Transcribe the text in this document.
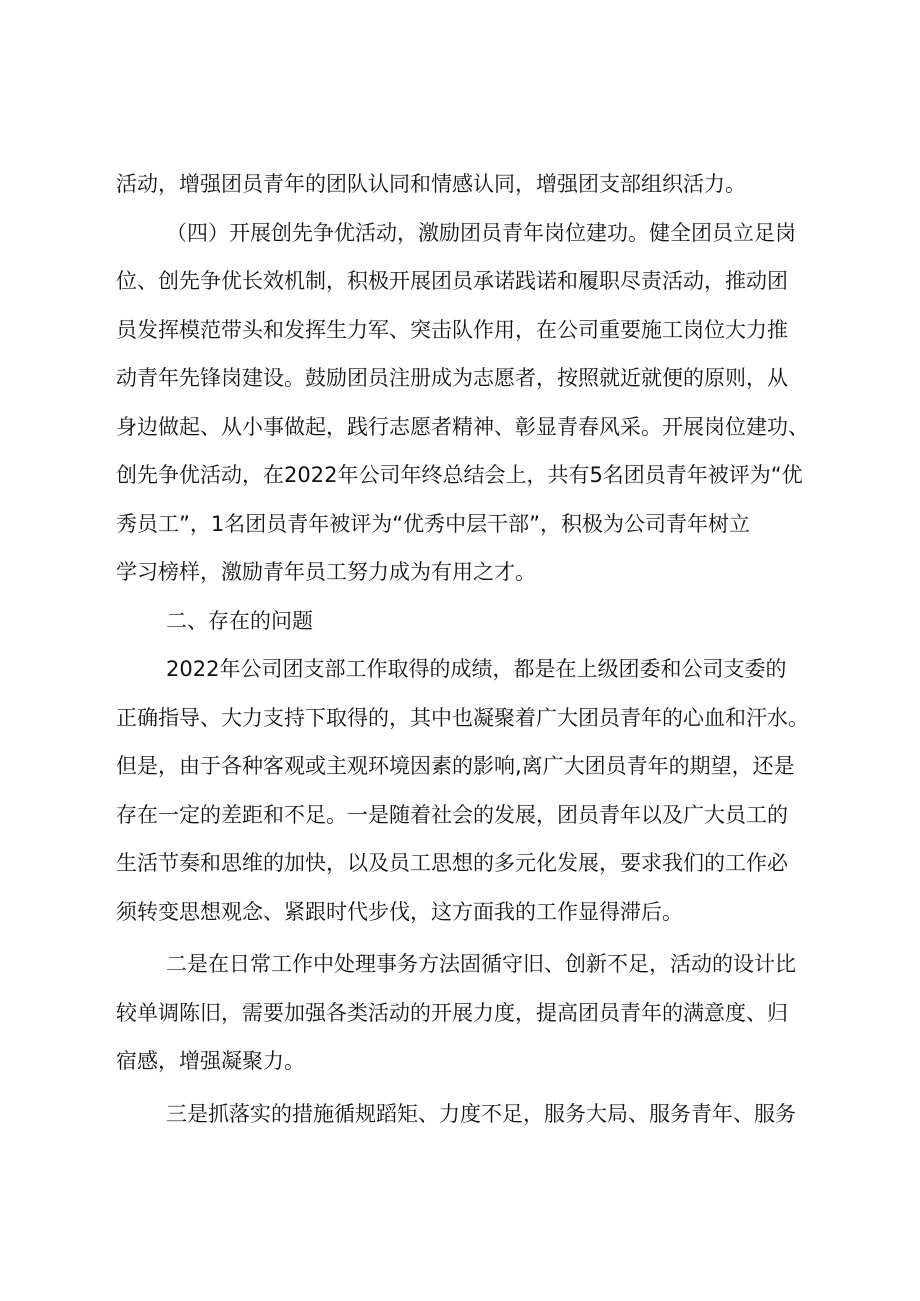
活动，增强团员青年的团队认同和情感认同，增强团支部组织活力。
（四）开展创先争优活动，激励团员青年岗位建功。健全团员立足岗
位、创先争优长效机制，积极开展团员承诺践诺和履职尽责活动，推动团
员发挥模范带头和发挥生力军、突击队作用，在公司重要施工岗位大力推
动青年先锋岗建设。鼓励团员注册成为志愿者，按照就近就便的原则，从
身边做起、从小事做起，践行志愿者精神、彰显青春风采。开展岗位建功、
创先争优活动，在2022年公司年终总结会上，共有5名团员青年被评为“优
秀员工”，1名团员青年被评为“优秀中层干部”，积极为公司青年树立
学习榜样，激励青年员工努力成为有用之才。
二、存在的问题
2022年公司团支部工作取得的成绩，都是在上级团委和公司支委的
正确指导、大力支持下取得的，其中也凝聚着广大团员青年的心血和汗水。
但是，由于各种客观或主观环境因素的影响,离广大团员青年的期望，还是
存在一定的差距和不足。一是随着社会的发展，团员青年以及广大员工的
生活节奏和思维的加快，以及员工思想的多元化发展，要求我们的工作必
须转变思想观念、紧跟时代步伐，这方面我的工作显得滞后。
二是在日常工作中处理事务方法固循守旧、创新不足，活动的设计比
较单调陈旧，需要加强各类活动的开展力度，提高团员青年的满意度、归
宿感，增强凝聚力。
三是抓落实的措施循规蹈矩、力度不足，服务大局、服务青年、服务
